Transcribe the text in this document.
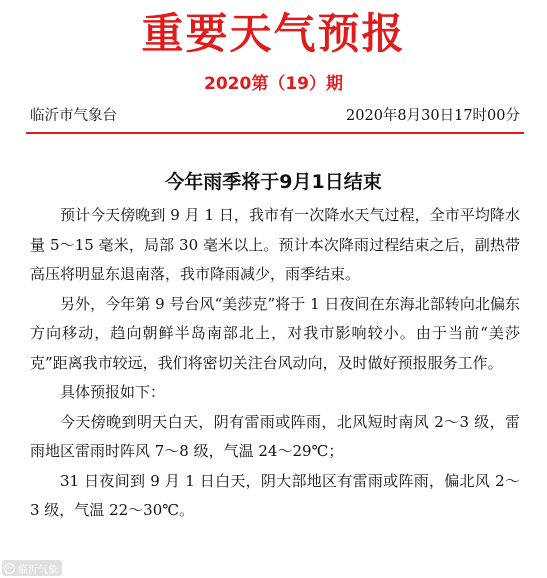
重要天气预报
2020第（19）期
临沂市气象台	2020年8月30日17时00分
今年雨季将于9月1日结束

预计今天傍晚到 9 月 1 日，我市有一次降水天气过程，全市平均降水量 5～15 毫米，局部 30 毫米以上。预计本次降雨过程结束之后，副热带高压将明显东退南落，我市降雨减少，雨季结束。

另外，今年第 9 号台风“美莎克”将于 1 日夜间在东海北部转向北偏东方向移动，趋向朝鲜半岛南部北上，对我市影响较小。由于当前“美莎克”距离我市较远，我们将密切关注台风动向，及时做好预报服务工作。

具体预报如下：

今天傍晚到明天白天，阴有雷雨或阵雨，北风短时南风 2～3 级，雷雨地区雷雨时阵风 7～8 级，气温 24～29℃；

31 日夜间到 9 月 1 日白天，阴大部地区有雷雨或阵雨，偏北风 2～3 级，气温 22～30℃。

临沂气象
